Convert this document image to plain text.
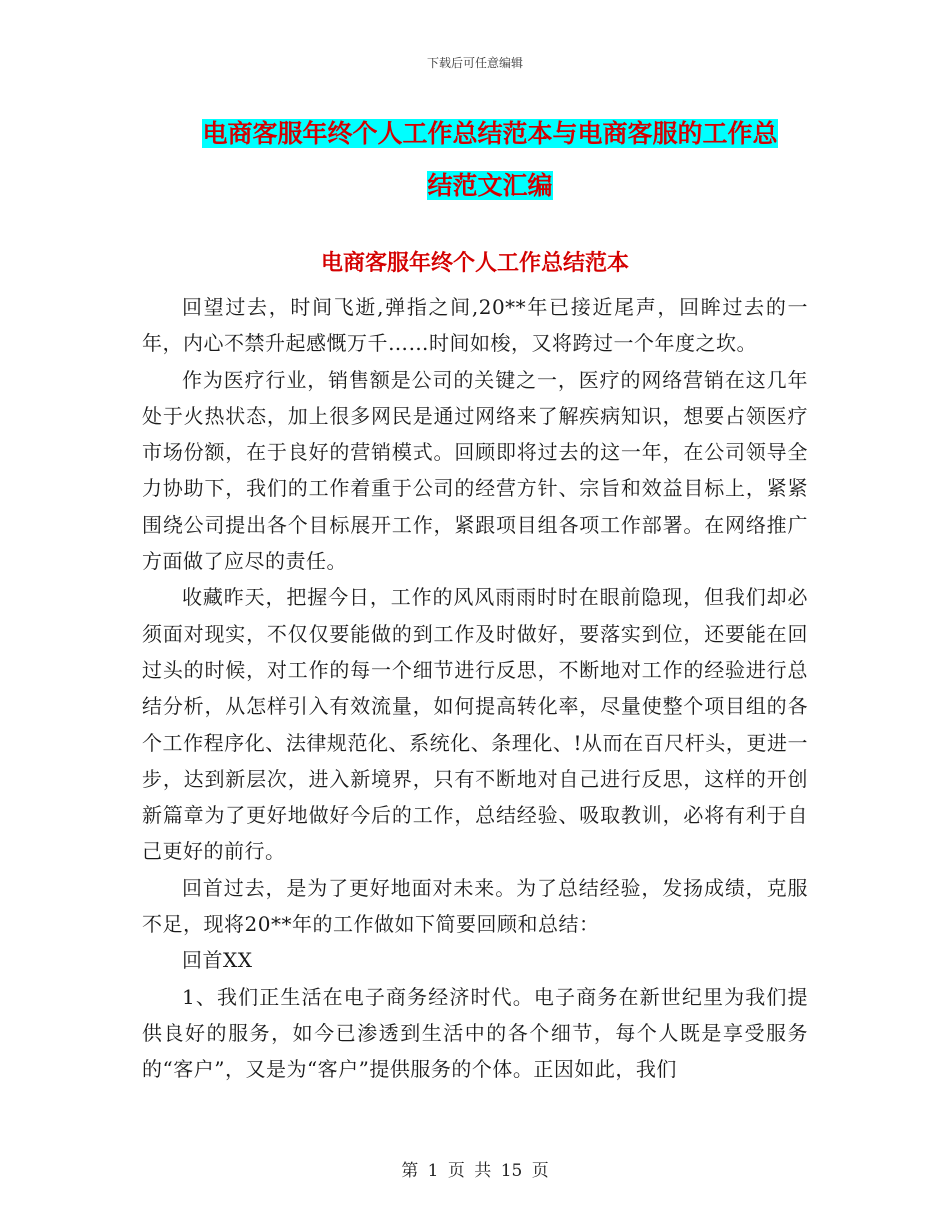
下载后可任意编辑
电商客服年终个人工作总结范本与电商客服的工作总
结范文汇编
电商客服年终个人工作总结范本

回望过去，时间飞逝,弹指之间,20**年已接近尾声，回眸过去的一年，内心不禁升起感慨万千……时间如梭，又将跨过一个年度之坎。

作为医疗行业，销售额是公司的关键之一，医疗的网络营销在这几年处于火热状态，加上很多网民是通过网络来了解疾病知识，想要占领医疗市场份额，在于良好的营销模式。回顾即将过去的这一年，在公司领导全力协助下，我们的工作着重于公司的经营方针、宗旨和效益目标上，紧紧围绕公司提出各个目标展开工作，紧跟项目组各项工作部署。在网络推广方面做了应尽的责任。

收藏昨天，把握今日，工作的风风雨雨时时在眼前隐现，但我们却必须面对现实，不仅仅要能做的到工作及时做好，要落实到位，还要能在回过头的时候，对工作的每一个细节进行反思，不断地对工作的经验进行总结分析，从怎样引入有效流量，如何提高转化率，尽量使整个项目组的各个工作程序化、法律规范化、系统化、条理化、!从而在百尺杆头，更进一步，达到新层次，进入新境界，只有不断地对自己进行反思，这样的开创新篇章为了更好地做好今后的工作，总结经验、吸取教训，必将有利于自己更好的前行。

回首过去，是为了更好地面对未来。为了总结经验，发扬成绩，克服不足，现将20**年的工作做如下简要回顾和总结：

回首XX

1、我们正生活在电子商务经济时代。电子商务在新世纪里为我们提供良好的服务，如今已渗透到生活中的各个细节，每个人既是享受服务的“客户”，又是为“客户”提供服务的个体。正因如此，我们

第 1 页 共 15 页
